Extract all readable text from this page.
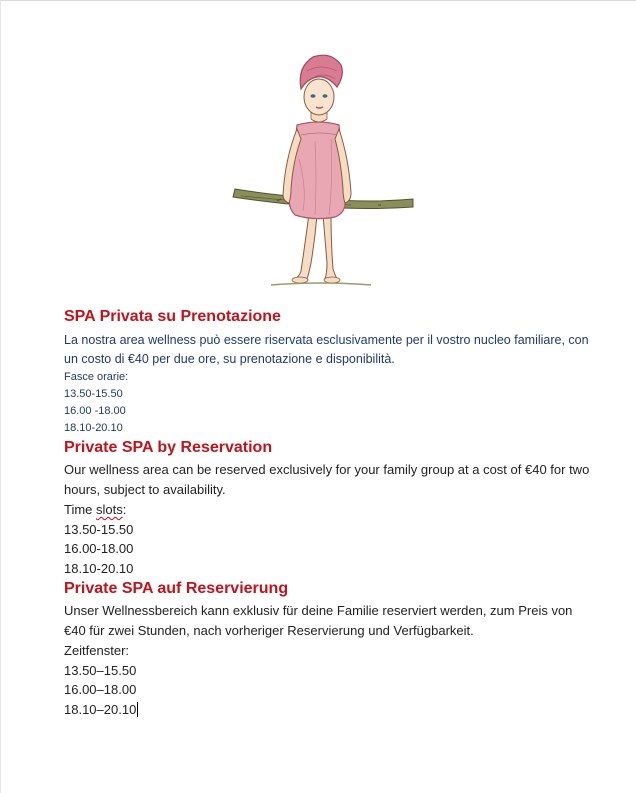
SPA Privata su Prenotazione

La nostra area wellness può essere riservata esclusivamente per il vostro nucleo familiare, con un costo di €40 per due ore, su prenotazione e disponibilità.

Fasce orarie:

13.50-15.50

16.00 -18.00

18.10-20.10

Private SPA by Reservation

Our wellness area can be reserved exclusively for your family group at a cost of €40 for two hours, subject to availability.

Time slots:

13.50-15.50

16.00-18.00

18.10-20.10

Private SPA auf Reservierung

Unser Wellnessbereich kann exklusiv für deine Familie reserviert werden, zum Preis von €40 für zwei Stunden, nach vorheriger Reservierung und Verfügbarkeit.

Zeitfenster:

13.50–15.50

16.00–18.00

18.10–20.10
